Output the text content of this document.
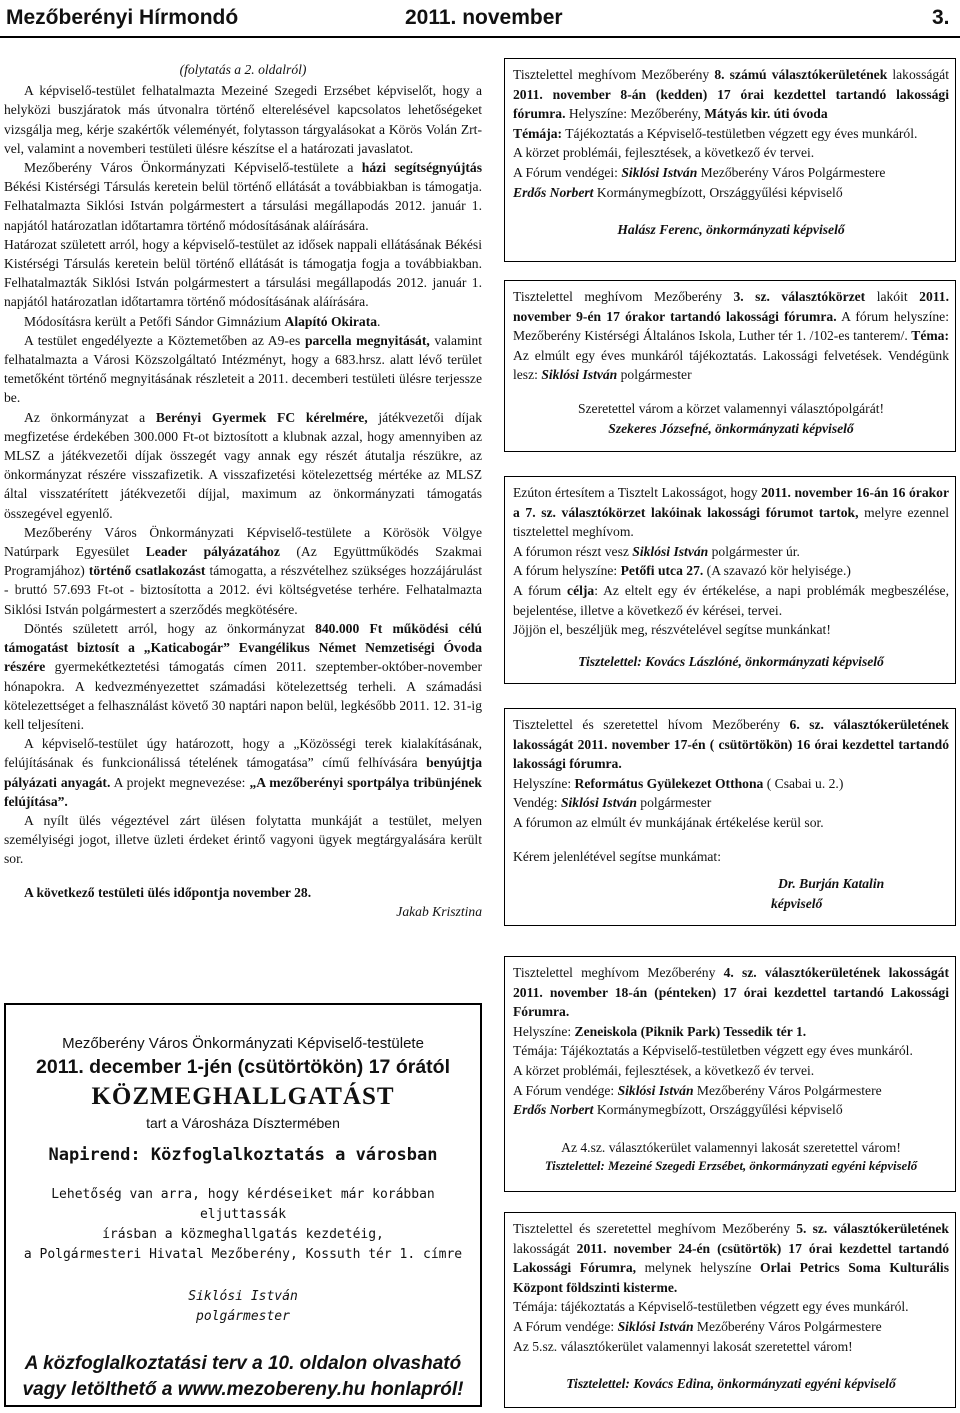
Mezőberényi Hírmondó	2011. november	3.

(folytatás a 2. oldalról)

A képviselő-testület felhatalmazta Mezeiné Szegedi Erzsébet képviselőt, hogy a helyközi buszjáratok más útvonalra történő elterelésével kapcsolatos lehetőségeket vizsgálja meg, kérje szakértők véleményét, folytasson tárgyalásokat a Körös Volán Zrt-vel, valamint a novemberi testületi ülésre készítse el a határozati javaslatot.

Mezőberény Város Önkormányzati Képviselő-testülete a házi segítségnyújtás Békési Kistérségi Társulás keretein belül történő ellátását a továbbiakban is támogatja. Felhatalmazta Siklósi István polgármestert a társulási megállapodás 2012. január 1. napjától határozatlan időtartamra történő módosításának aláírására.

Határozat született arról, hogy a képviselő-testület az idősek nappali ellátásának Békési Kistérségi Társulás keretein belül történő ellátását is támogatja fogja a továbbiakban. Felhatalmazták Siklósi István polgármestert a társulási megállapodás 2012. január 1. napjától határozatlan időtartamra történő módosításának aláírására.

Módosításra került a Petőfi Sándor Gimnázium Alapító Okirata.

A testület engedélyezte a Köztemetőben az A9-es parcella megnyitását, valamint felhatalmazta a Városi Közszolgáltató Intézményt, hogy a 683.hrsz. alatt lévő terület temetőként történő megnyitásának részleteit a 2011. decemberi testületi ülésre terjessze be.

Az önkormányzat a Berényi Gyermek FC kérelmére, játékvezetői díjak megfizetése érdekében 300.000 Ft-ot biztosított a klubnak azzal, hogy amennyiben az MLSZ a játékvezetői díjak összegét vagy annak egy részét átutalja részükre, az önkormányzat részére visszafizetik. A visszafizetési kötelezettség mértéke az MLSZ által visszatérített játékvezetői díjjal, maximum az önkormányzati támogatás összegével egyenlő.

Mezőberény Város Önkormányzati Képviselő-testülete a Körösök Völgye Natúrpark Egyesület Leader pályázatához (Az Együttműködés Szakmai Programjához) történő csatlakozást támogatta, a részvételhez szükséges hozzájárulást - bruttó 57.693 Ft-ot - biztosította a 2012. évi költségvetése terhére. Felhatalmazta Siklósi István polgármestert a szerződés megkötésére.

Döntés született arról, hogy az önkormányzat 840.000 Ft működési célú támogatást biztosít a „Katicabogár” Evangélikus Német Nemzetiségi Óvoda részére gyermekétkeztetési támogatás címen 2011. szeptember-október-november hónapokra. A kedvezményezettet számadási kötelezettség terheli. A számadási kötelezettséget a felhasználást követő 30 naptári napon belül, legkésőbb 2011. 12. 31-ig kell teljesíteni.

A képviselő-testület úgy határozott, hogy a „Közösségi terek kialakításának, felújításának és funkcionálissá tételének támogatása” című felhívására benyújtja pályázati anyagát. A projekt megnevezése: „A mezőberényi sportpálya tribünjének felújítása”.

A nyílt ülés végeztével zárt ülésen folytatta munkáját a testület, melyen személyiségi jogot, illetve üzleti érdeket érintő vagyoni ügyek megtárgyalására került sor.

A következő testületi ülés időpontja november 28.

Jakab Krisztina

Mezőberény Város Önkormányzati Képviselő-testülete
2011. december 1-jén (csütörtökön) 17 órától
KÖZMEGHALLGATÁST
tart a Városháza Dísztermében
Napirend: Közfoglalkoztatás a városban
Lehetőség van arra, hogy kérdéseiket már korábban eljuttassák
írásban a közmeghallgatás kezdetéig,
a Polgármesteri Hivatal Mezőberény, Kossuth tér 1. címre
Siklósi István
polgármester
A közfoglalkoztatási terv a 10. oldalon olvasható
vagy letölthető a www.mezobereny.hu honlapról!

Tisztelettel meghívom Mezőberény 8. számú választókerületének lakosságát 2011. november 8-án (kedden) 17 órai kezdettel tartandó lakossági fórumra. Helyszíne: Mezőberény, Mátyás kir. úti óvoda

Témája: Tájékoztatás a Képviselő-testületben végzett egy éves munkáról.

A körzet problémái, fejlesztések, a következő év tervei.

A Fórum vendégei: Siklósi István Mezőberény Város Polgármestere

Erdős Norbert Kormánymegbízott, Országgyűlési képviselő

Halász Ferenc, önkormányzati képviselő

Tisztelettel meghívom Mezőberény 3. sz. választókörzet lakóit 2011. november 9-én 17 órakor tartandó lakossági fórumra. A fórum helyszíne: Mezőberény Kistérségi Általános Iskola, Luther tér 1. /102-es tanterem/. Téma: Az elmúlt egy éves munkáról tájékoztatás. Lakossági felvetések. Vendégünk lesz: Siklósi István polgármester

Szeretettel várom a körzet valamennyi választópolgárát!

Szekeres Józsefné, önkormányzati képviselő

Ezúton értesítem a Tisztelt Lakosságot, hogy 2011. november 16-án 16 órakor a 7. sz. választókörzet lakóinak lakossági fórumot tartok, melyre ezennel tisztelettel meghívom.

A fórumon részt vesz Siklósi István polgármester úr.

A fórum helyszíne: Petőfi utca 27. (A szavazó kör helyisége.)

A fórum célja: Az eltelt egy év értékelése, a napi problémák megbeszélése, bejelentése, illetve a következő év kérései, tervei.

Jöjjön el, beszéljük meg, részvételével segítse munkánkat!

Tisztelettel: Kovács Lászlóné, önkormányzati képviselő

Tisztelettel és szeretettel hívom Mezőberény 6. sz. választókerületének lakosságát 2011. november 17-én ( csütörtökön) 16 órai kezdettel tartandó lakossági fórumra.

Helyszíne: Református Gyülekezet Otthona ( Csabai u. 2.)

Vendég: Siklósi István polgármester

A fórumon az elmúlt év munkájának értékelése kerül sor.

Kérem jelenlétével segítse munkámat:

Dr. Burján Katalin

képviselő

Tisztelettel meghívom Mezőberény 4. sz. választókerületének lakosságát 2011. november 18-án (pénteken) 17 órai kezdettel tartandó Lakossági Fórumra.

Helyszíne: Zeneiskola (Piknik Park) Tessedik tér 1.

Témája: Tájékoztatás a Képviselő-testületben végzett egy éves munkáról.

A körzet problémái, fejlesztések, a következő év tervei.

A Fórum vendége: Siklósi István Mezőberény Város Polgármestere

Erdős Norbert Kormánymegbízott, Országgyűlési képviselő

Az 4.sz. választókerület valamennyi lakosát szeretettel várom!

Tisztelettel: Mezeiné Szegedi Erzsébet, önkormányzati egyéni képviselő

Tisztelettel és szeretettel meghívom Mezőberény 5. sz. választókerületének lakosságát 2011. november 24-én (csütörtök) 17 órai kezdettel tartandó Lakossági Fórumra, melynek helyszíne Orlai Petrics Soma Kulturális Központ földszinti kisterme.

Témája: tájékoztatás a Képviselő-testületben végzett egy éves munkáról.

A Fórum vendége: Siklósi István Mezőberény Város Polgármestere

Az 5.sz. választókerület valamennyi lakosát szeretettel várom!

Tisztelettel: Kovács Edina, önkormányzati egyéni képviselő
